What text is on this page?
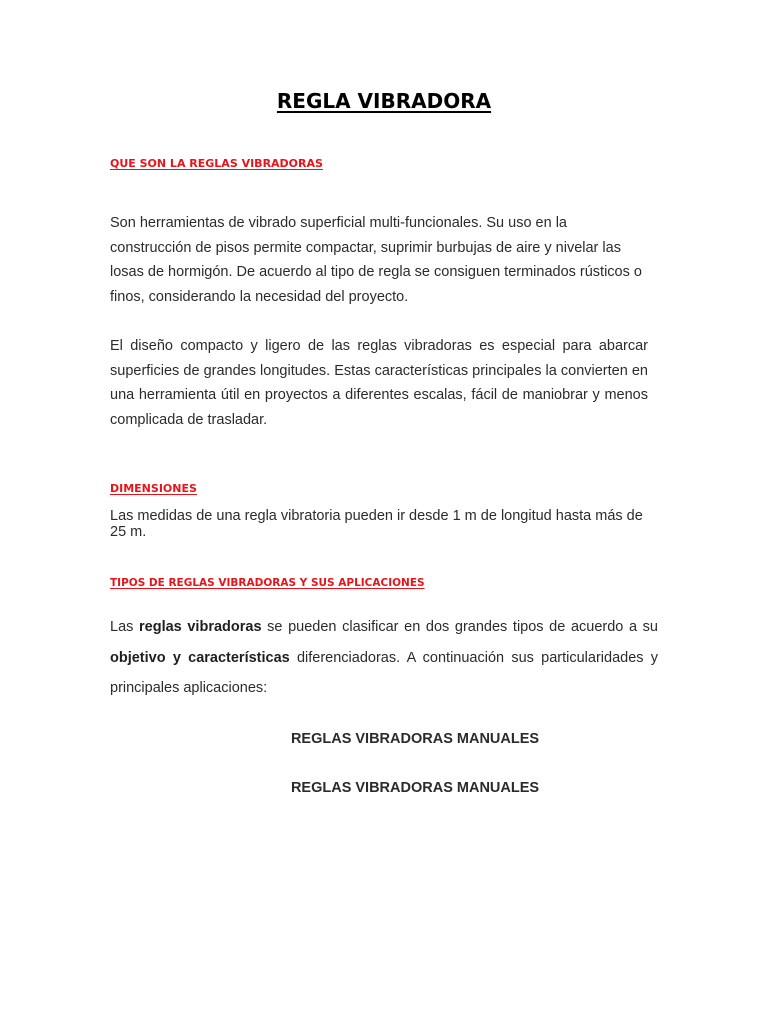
REGLA VIBRADORA
QUE SON LA REGLAS VIBRADORAS

Son herramientas de vibrado superficial multi-funcionales. Su uso en la construcción de pisos permite compactar, suprimir burbujas de aire y nivelar las losas de hormigón. De acuerdo al tipo de regla se consiguen terminados rústicos o finos, considerando la necesidad del proyecto.

El diseño compacto y ligero de las reglas vibradoras es especial para abarcar superficies de grandes longitudes. Estas características principales la convierten en una herramienta útil en proyectos a diferentes escalas, fácil de maniobrar y menos complicada de trasladar.

DIMENSIONES

Las medidas de una regla vibratoria pueden ir desde 1 m de longitud hasta más de 25 m.

TIPOS DE REGLAS VIBRADORAS Y SUS APLICACIONES

Las reglas vibradoras se pueden clasificar en dos grandes tipos de acuerdo a su objetivo y características diferenciadoras. A continuación sus particularidades y principales aplicaciones:

REGLAS VIBRADORAS MANUALES
REGLAS VIBRADORAS MANUALES
